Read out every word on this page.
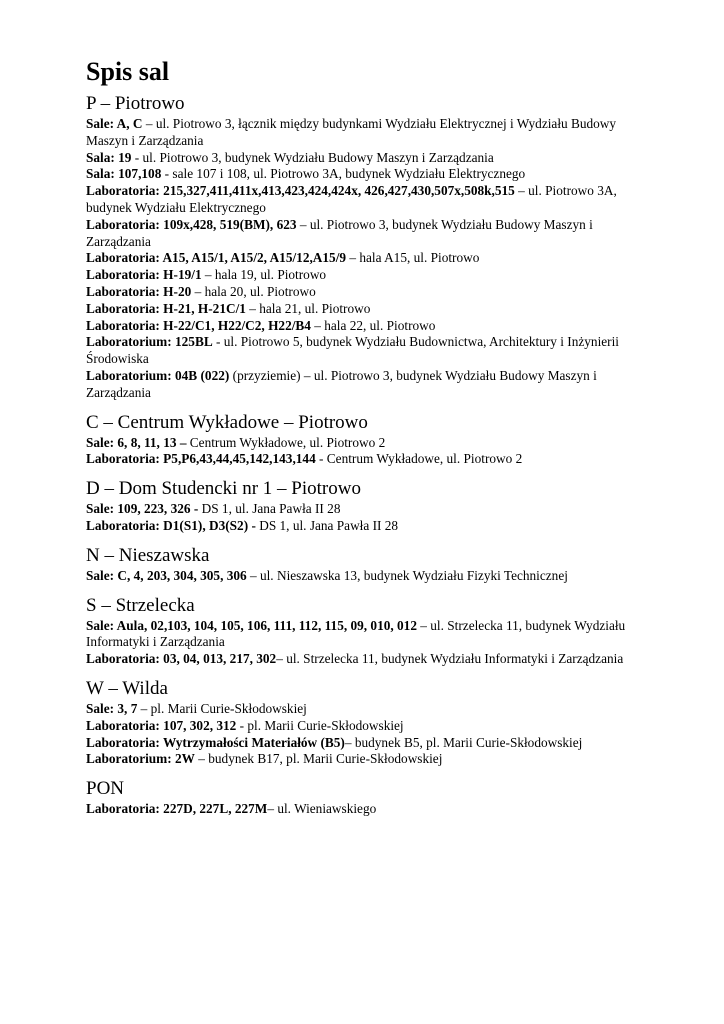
Spis sal
P – Piotrowo

Sale: A, C – ul. Piotrowo 3, łącznik między budynkami Wydziału Elektrycznej i Wydziału Budowy Maszyn i Zarządzania

Sala: 19 - ul. Piotrowo 3, budynek Wydziału Budowy Maszyn i Zarządzania

Sala: 107,108 - sale 107 i 108, ul. Piotrowo 3A, budynek Wydziału Elektrycznego

Laboratoria: 215,327,411,411x,413,423,424,424x, 426,427,430,507x,508k,515 – ul. Piotrowo 3A, budynek Wydziału Elektrycznego

Laboratoria: 109x,428, 519(BM), 623 – ul. Piotrowo 3, budynek Wydziału Budowy Maszyn i Zarządzania

Laboratoria: A15, A15/1, A15/2, A15/12,A15/9 – hala A15, ul. Piotrowo

Laboratoria: H-19/1 – hala 19, ul. Piotrowo

Laboratoria: H-20 – hala 20, ul. Piotrowo

Laboratoria: H-21, H-21C/1 – hala 21, ul. Piotrowo

Laboratoria: H-22/C1, H22/C2, H22/B4 – hala 22, ul. Piotrowo

Laboratorium: 125BL - ul. Piotrowo 5, budynek Wydziału Budownictwa, Architektury i Inżynierii Środowiska

Laboratorium: 04B (022) (przyziemie) – ul. Piotrowo 3, budynek Wydziału Budowy Maszyn i Zarządzania

C – Centrum Wykładowe – Piotrowo

Sale: 6, 8, 11, 13 – Centrum Wykładowe, ul. Piotrowo 2

Laboratoria: P5,P6,43,44,45,142,143,144 - Centrum Wykładowe, ul. Piotrowo 2

D – Dom Studencki nr 1 – Piotrowo

Sale: 109, 223, 326 - DS 1, ul. Jana Pawła II 28

Laboratoria: D1(S1), D3(S2) - DS 1, ul. Jana Pawła II 28

N – Nieszawska

Sale: C, 4, 203, 304, 305, 306 – ul. Nieszawska 13, budynek Wydziału Fizyki Technicznej

S – Strzelecka

Sale: Aula, 02,103, 104, 105, 106, 111, 112, 115, 09, 010, 012 – ul. Strzelecka 11, budynek Wydziału Informatyki i Zarządzania

Laboratoria: 03, 04, 013, 217, 302– ul. Strzelecka 11, budynek Wydziału Informatyki i Zarządzania

W – Wilda

Sale: 3, 7 – pl. Marii Curie-Skłodowskiej

Laboratoria: 107, 302, 312 - pl. Marii Curie-Skłodowskiej

Laboratoria: Wytrzymałości Materiałów (B5)– budynek B5, pl. Marii Curie-Skłodowskiej

Laboratorium: 2W – budynek B17, pl. Marii Curie-Skłodowskiej

PON

Laboratoria: 227D, 227L, 227M– ul. Wieniawskiego
